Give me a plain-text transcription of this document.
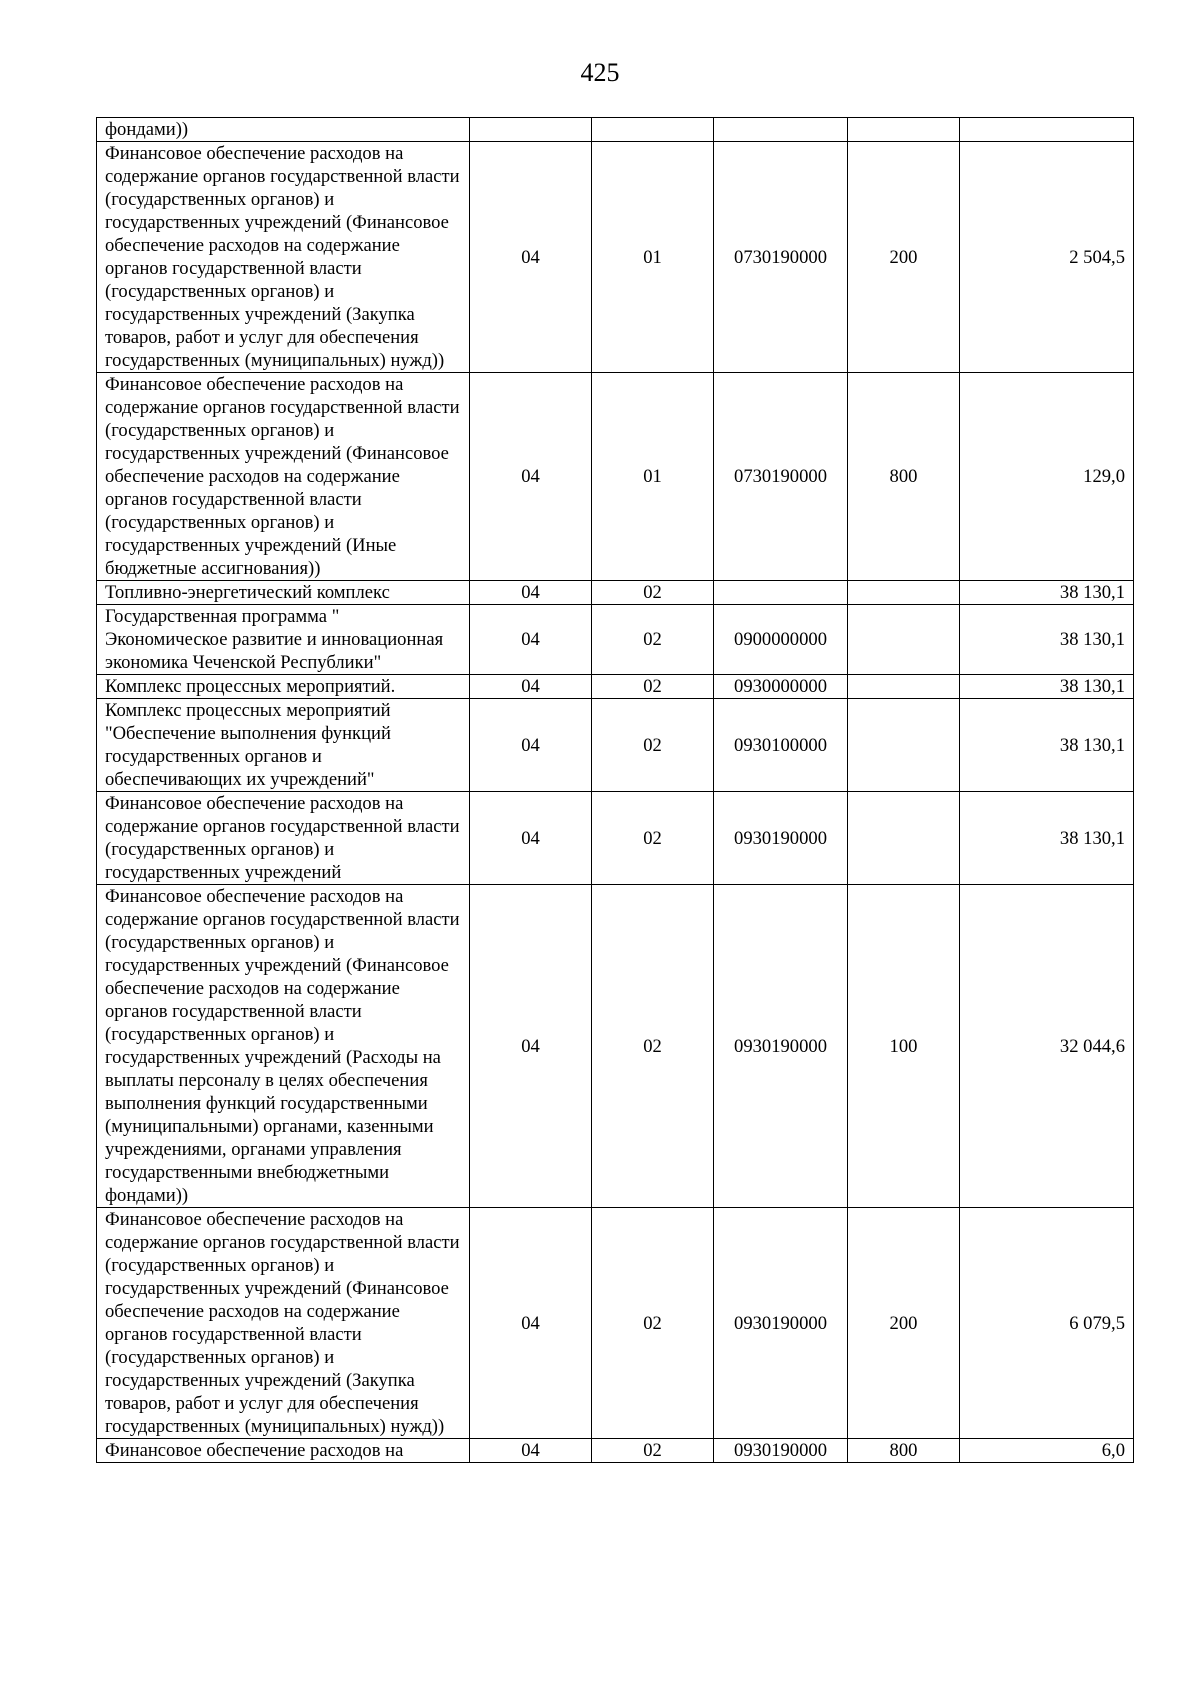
425
фондами))					
Финансовое обеспечение расходов на содержание органов государственной власти (государственных органов) и государственных учреждений (Финансовое обеспечение расходов на содержание органов государственной власти (государственных органов) и государственных учреждений (Закупка товаров, работ и услуг для обеспечения государственных (муниципальных) нужд))	04	01	0730190000	200	2 504,5
Финансовое обеспечение расходов на содержание органов государственной власти (государственных органов) и государственных учреждений (Финансовое обеспечение расходов на содержание органов государственной власти (государственных органов) и государственных учреждений (Иные бюджетные ассигнования))	04	01	0730190000	800	129,0
Топливно-энергетический комплекс	04	02			38 130,1
Государственная программа " Экономическое развитие и инновационная экономика Чеченской Республики"	04	02	0900000000		38 130,1
Комплекс процессных мероприятий.	04	02	0930000000		38 130,1
Комплекс процессных мероприятий "Обеспечение выполнения функций государственных органов и обеспечивающих их учреждений"	04	02	0930100000		38 130,1
Финансовое обеспечение расходов на содержание органов государственной власти (государственных органов) и государственных учреждений	04	02	0930190000		38 130,1
Финансовое обеспечение расходов на содержание органов государственной власти (государственных органов) и государственных учреждений (Финансовое обеспечение расходов на содержание органов государственной власти (государственных органов) и государственных учреждений (Расходы на выплаты персоналу в целях обеспечения выполнения функций государственными (муниципальными) органами, казенными учреждениями, органами управления государственными внебюджетными фондами))	04	02	0930190000	100	32 044,6
Финансовое обеспечение расходов на содержание органов государственной власти (государственных органов) и государственных учреждений (Финансовое обеспечение расходов на содержание органов государственной власти (государственных органов) и государственных учреждений (Закупка товаров, работ и услуг для обеспечения государственных (муниципальных) нужд))	04	02	0930190000	200	6 079,5
Финансовое обеспечение расходов на	04	02	0930190000	800	6,0
